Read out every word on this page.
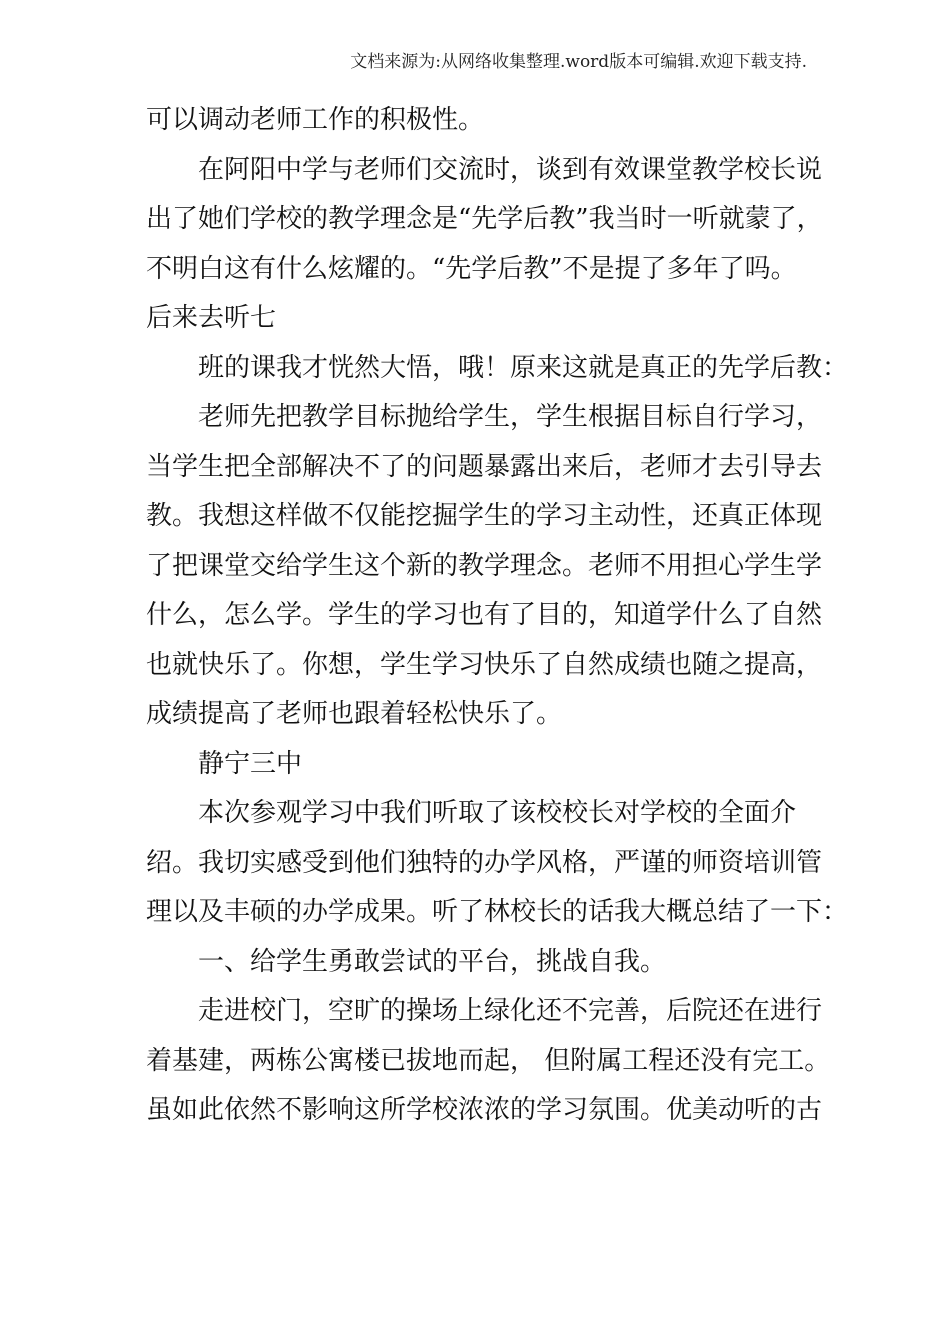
文档来源为:从网络收集整理.word版本可编辑.欢迎下载支持.
可以调动老师工作的积极性。
在阿阳中学与老师们交流时，谈到有效课堂教学校长说
出了她们学校的教学理念是“先学后教”我当时一听就蒙了，
不明白这有什么炫耀的。“先学后教”不是提了多年了吗。
后来去听七
班的课我才恍然大悟，哦！原来这就是真正的先学后教：
老师先把教学目标抛给学生，学生根据目标自行学习，
当学生把全部解决不了的问题暴露出来后，老师才去引导去
教。我想这样做不仅能挖掘学生的学习主动性，还真正体现
了把课堂交给学生这个新的教学理念。老师不用担心学生学
什么，怎么学。学生的学习也有了目的，知道学什么了自然
也就快乐了。你想，学生学习快乐了自然成绩也随之提高，
成绩提高了老师也跟着轻松快乐了。
静宁三中
本次参观学习中我们听取了该校校长对学校的全面介
绍。我切实感受到他们独特的办学风格，严谨的师资培训管
理以及丰硕的办学成果。听了林校长的话我大概总结了一下：
一、给学生勇敢尝试的平台，挑战自我。
走进校门，空旷的操场上绿化还不完善，后院还在进行
着基建，两栋公寓楼已拔地而起， 但附属工程还没有完工。
虽如此依然不影响这所学校浓浓的学习氛围。优美动听的古
